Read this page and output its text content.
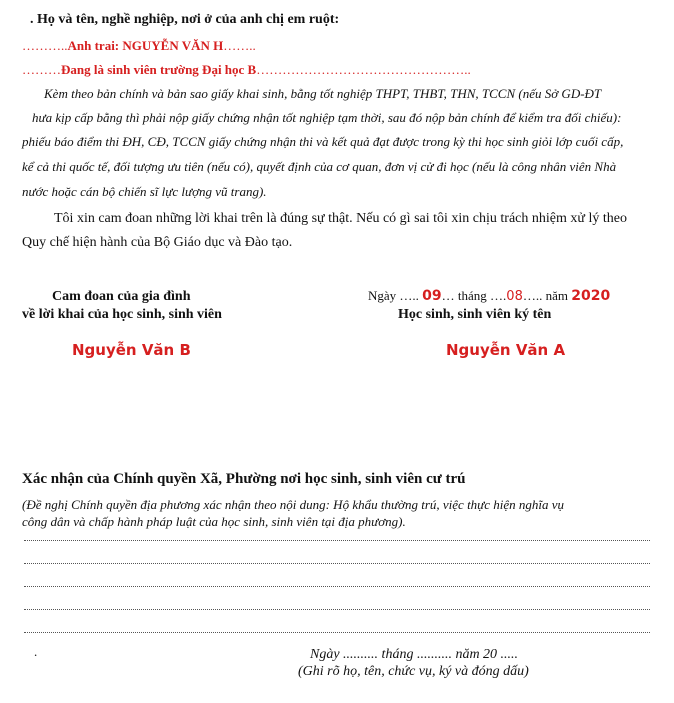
. Họ và tên, nghề nghiệp, nơi ở của anh chị em ruột:
………..Anh trai: NGUYỄN VĂN H……..
………Đang là sinh viên trường Đại học B…………………………………………..
Kèm theo bản chính và bản sao giấy khai sinh, bằng tốt nghiệp THPT, THBT, THN, TCCN (nếu Sở GD-ĐT
hưa kịp cấp bằng thì phải nộp giấy chứng nhận tốt nghiệp tạm thời, sau đó nộp bản chính để kiểm tra đối chiếu):
phiếu báo điểm thi ĐH, CĐ, TCCN giấy chứng nhận thi và kết quả đạt được trong kỳ thi học sinh giỏi lớp cuối cấp,
kể cả thi quốc tế, đối tượng ưu tiên (nếu có), quyết định của cơ quan, đơn vị cử đi học (nếu là công nhân viên Nhà
nước hoặc cán bộ chiến sĩ lực lượng vũ trang).
Tôi xin cam đoan những lời khai trên là đúng sự thật. Nếu có gì sai tôi xin chịu trách nhiệm xử lý theo
Quy chế hiện hành của Bộ Giáo dục và Đào tạo.
Cam đoan của gia đình
về lời khai của học sinh, sinh viên
Nguyễn Văn B
Ngày ….. 09… tháng ….08….. năm 2020
Học sinh, sinh viên ký tên
Nguyễn Văn A
Xác nhận của Chính quyền Xã, Phường nơi học sinh, sinh viên cư trú
(Đề nghị Chính quyền địa phương xác nhận theo nội dung: Hộ khẩu thường trú, việc thực hiện nghĩa vụ
công dân và chấp hành pháp luật của học sinh, sinh viên tại địa phương).
.	Ngày .......... tháng .......... năm 20 .....
(Ghi rõ họ, tên, chức vụ, ký và đóng dấu)
